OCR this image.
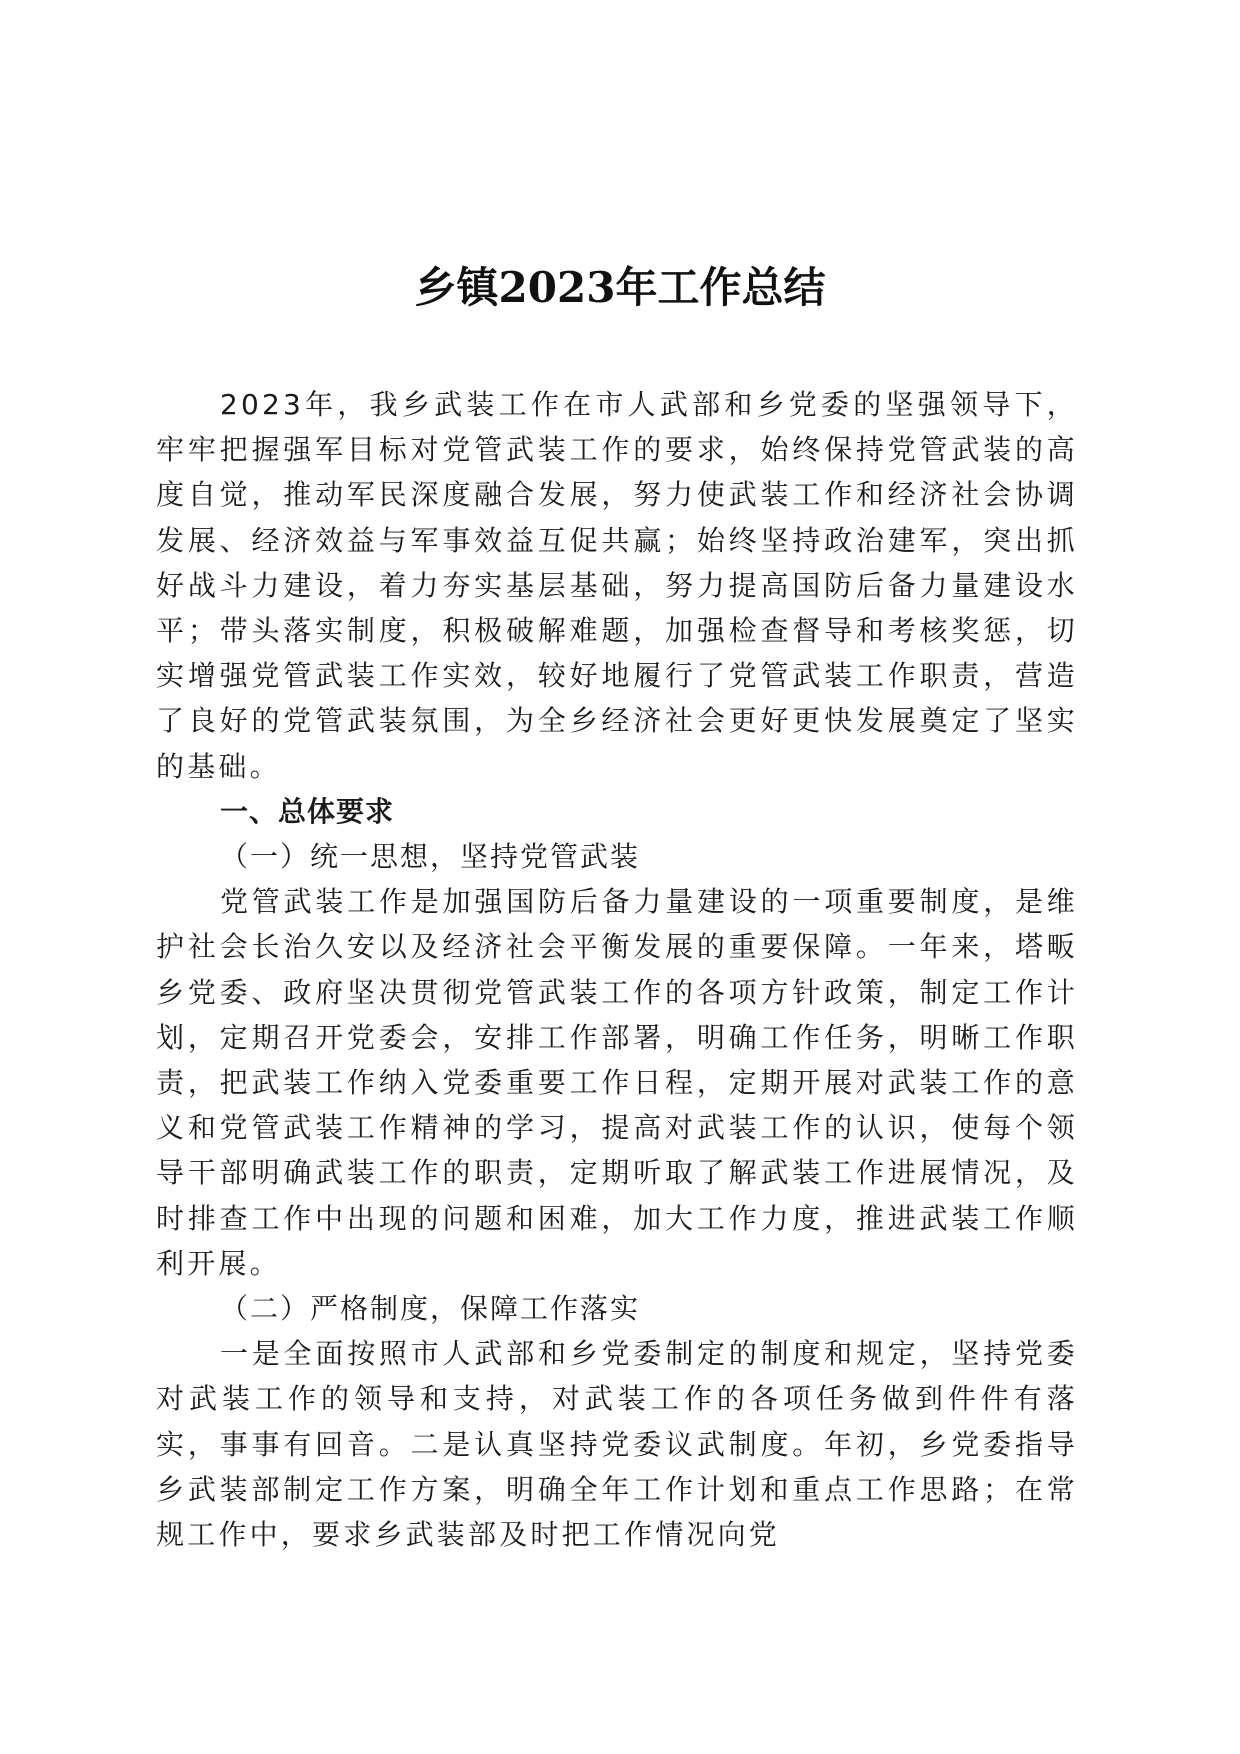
乡镇2023年工作总结

2023年，我乡武装工作在市人武部和乡党委的坚强领导下，牢牢把握强军目标对党管武装工作的要求，始终保持党管武装的高度自觉，推动军民深度融合发展，努力使武装工作和经济社会协调发展、经济效益与军事效益互促共赢；始终坚持政治建军，突出抓好战斗力建设，着力夯实基层基础，努力提高国防后备力量建设水平；带头落实制度，积极破解难题，加强检查督导和考核奖惩，切实增强党管武装工作实效，较好地履行了党管武装工作职责，营造了良好的党管武装氛围，为全乡经济社会更好更快发展奠定了坚实的基础。

一、总体要求

（一）统一思想，坚持党管武装

党管武装工作是加强国防后备力量建设的一项重要制度，是维护社会长治久安以及经济社会平衡发展的重要保障。一年来，塔畈乡党委、政府坚决贯彻党管武装工作的各项方针政策，制定工作计划，定期召开党委会，安排工作部署，明确工作任务，明晰工作职责，把武装工作纳入党委重要工作日程，定期开展对武装工作的意义和党管武装工作精神的学习，提高对武装工作的认识，使每个领导干部明确武装工作的职责，定期听取了解武装工作进展情况，及时排查工作中出现的问题和困难，加大工作力度，推进武装工作顺利开展。

（二）严格制度，保障工作落实

一是全面按照市人武部和乡党委制定的制度和规定，坚持党委对武装工作的领导和支持，对武装工作的各项任务做到件件有落实，事事有回音。二是认真坚持党委议武制度。年初，乡党委指导乡武装部制定工作方案，明确全年工作计划和重点工作思路；在常规工作中，要求乡武装部及时把工作情况向党
